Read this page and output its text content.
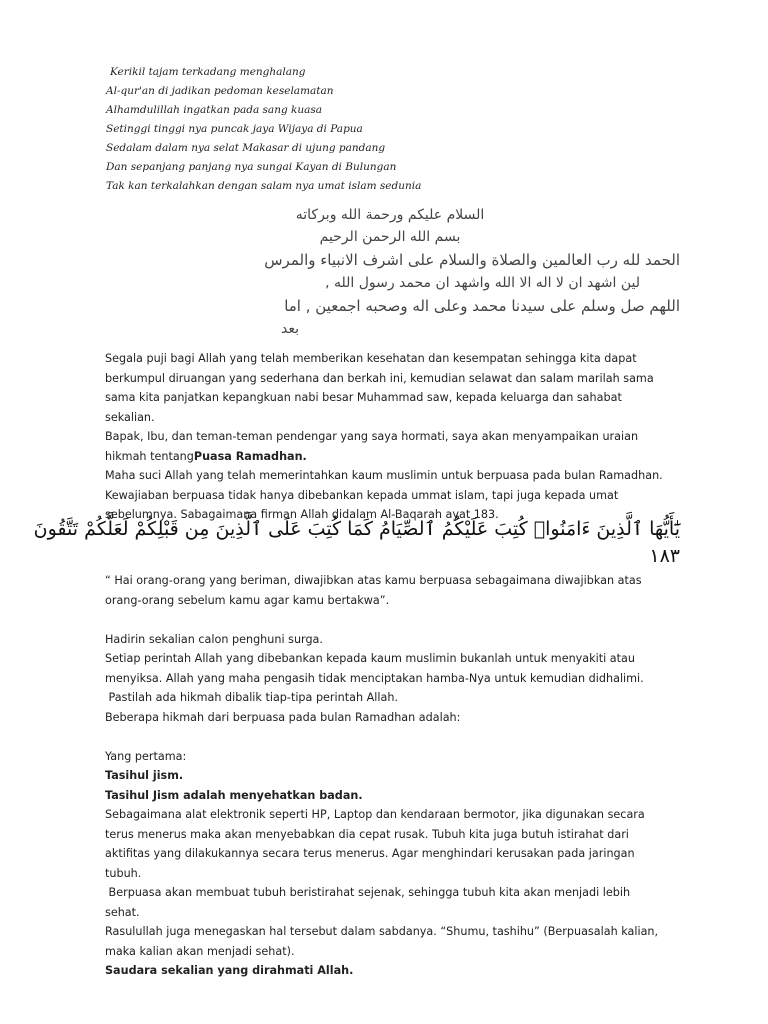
Kerikil tajam terkadang menghalang
Al-qur'an di jadikan pedoman keselamatan
Alhamdulillah ingatkan pada sang kuasa
Setinggi tinggi nya puncak jaya Wijaya di Papua
Sedalam dalam nya selat Makasar di ujung pandang
Dan sepanjang panjang nya sungai Kayan di Bulungan
Tak kan terkalahkan dengan salam nya umat islam sedunia
السلام عليكم ورحمة الله وبركاته
بسم الله الرحمن الرحيم
الحمد لله رب العالمين والصلاة والسلام على اشرف الانبياء والمرس
لين اشهد ان لا اله الا الله واشهد ان محمد رسول الله ,
اللهم صل وسلم على سيدنا محمد وعلى اله وصحبه اجمعين , اما
بعد
Segala puji bagi Allah yang telah memberikan kesehatan dan kesempatan sehingga kita dapat
berkumpul diruangan yang sederhana dan berkah ini, kemudian selawat dan salam marilah sama
sama kita panjatkan kepangkuan nabi besar Muhammad saw, kepada keluarga dan sahabat
sekalian.
Bapak, Ibu, dan teman-teman pendengar yang saya hormati, saya akan menyampaikan uraian
hikmah tentangPuasa Ramadhan.
Maha suci Allah yang telah memerintahkan kaum muslimin untuk berpuasa pada bulan Ramadhan.
Kewajiaban berpuasa tidak hanya dibebankan kepada ummat islam, tapi juga kepada umat
sebelumnya. Sabagaimana firman Allah didalam Al-Baqarah ayat 183.
يَٰٓأَيُّهَا ٱلَّذِينَ ءَامَنُوا۟ كُتِبَ عَلَيْكُمُ ٱلصِّيَامُ كَمَا كُتِبَ عَلَى ٱلَّذِينَ مِن قَبْلِكُمْ لَعَلَّكُمْ تَتَّقُونَ
١٨٣
“ Hai orang-orang yang beriman, diwajibkan atas kamu berpuasa sebagaimana diwajibkan atas
orang-orang sebelum kamu agar kamu bertakwa”.
Hadirin sekalian calon penghuni surga.
Setiap perintah Allah yang dibebankan kepada kaum muslimin bukanlah untuk menyakiti atau
menyiksa. Allah yang maha pengasih tidak menciptakan hamba-Nya untuk kemudian didhalimi.
Pastilah ada hikmah dibalik tiap-tipa perintah Allah.
Beberapa hikmah dari berpuasa pada bulan Ramadhan adalah:
Yang pertama:
Tasihul jism.
Tasihul Jism adalah menyehatkan badan.
Sebagaimana alat elektronik seperti HP, Laptop dan kendaraan bermotor, jika digunakan secara
terus menerus maka akan menyebabkan dia cepat rusak. Tubuh kita juga butuh istirahat dari
aktifitas yang dilakukannya secara terus menerus. Agar menghindari kerusakan pada jaringan
tubuh.
Berpuasa akan membuat tubuh beristirahat sejenak, sehingga tubuh kita akan menjadi lebih
sehat.
Rasulullah juga menegaskan hal tersebut dalam sabdanya. “Shumu, tashihu” (Berpuasalah kalian,
maka kalian akan menjadi sehat).
Saudara sekalian yang dirahmati Allah.
